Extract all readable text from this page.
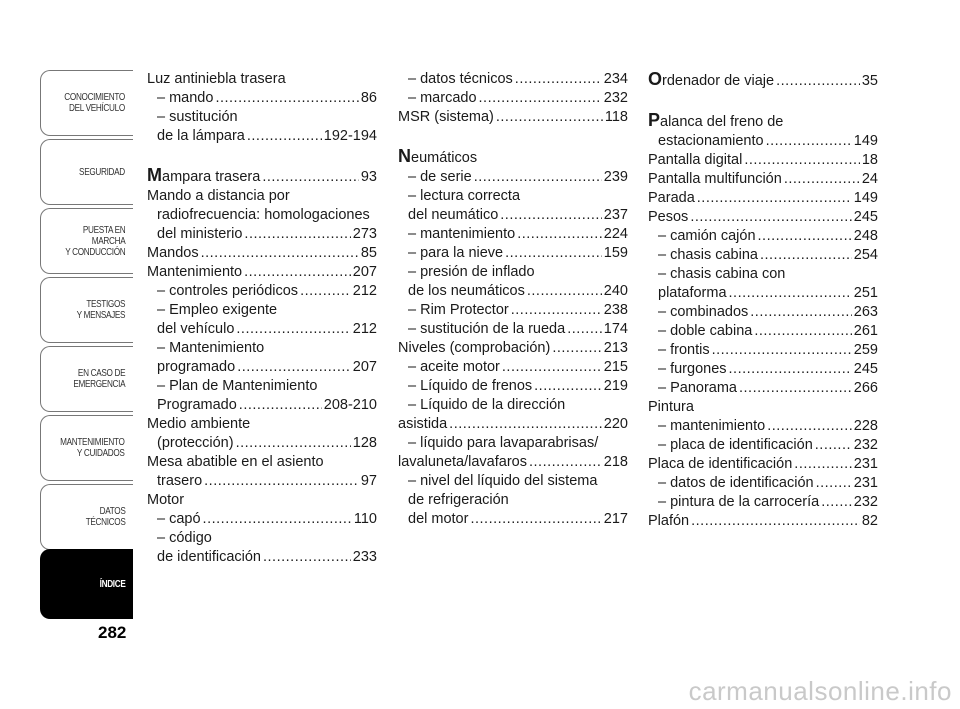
CONOCIMIENTO
DEL VEHÍCULO
SEGURIDAD
PUESTA EN
MARCHA
Y CONDUCCIÓN
TESTIGOS
Y MENSAJES
EN CASO DE
EMERGENCIA
MANTENIMIENTO
Y CUIDADOS
DATOS
TÉCNICOS
ÍNDICE
282
Luz antiniebla trasera
– mando .....	86
– sustitución
de la lámpara .....	192-194
Mampara trasera .....	93
Mando a distancia por
radiofrecuencia: homologaciones
del ministerio .....	273
Mandos .....	85
Mantenimiento .....	207
– controles periódicos .....	212
– Empleo exigente
del vehículo .....	212
– Mantenimiento
programado .....	207
– Plan de Mantenimiento
Programado .....	208-210
Medio ambiente
(protección) .....	128
Mesa abatible en el asiento
trasero .....	97
Motor
– capó .....	110
– código
de identificación .....	233
– datos técnicos .....	234
– marcado .....	232
MSR (sistema) .....	118
Neumáticos
– de serie .....	239
– lectura correcta
del neumático .....	237
– mantenimiento .....	224
– para la nieve .....	159
– presión de inflado
de los neumáticos .....	240
– Rim Protector .....	238
– sustitución de la rueda .....	174
Niveles (comprobación) .....	213
– aceite motor .....	215
– Líquido de frenos .....	219
– Líquido de la dirección
asistida .....	220
– líquido para lavaparabrisas/
lavaluneta/lavafaros .....	218
– nivel del líquido del sistema
de refrigeración
del motor .....	217
Ordenador de viaje .....	35
Palanca del freno de
estacionamiento .....	149
Pantalla digital .....	18
Pantalla multifunción .....	24
Parada .....	149
Pesos .....	245
– camión cajón .....	248
– chasis cabina .....	254
– chasis cabina con
plataforma .....	251
– combinados .....	263
– doble cabina .....	261
– frontis .....	259
– furgones .....	245
– Panorama .....	266
Pintura
– mantenimiento .....	228
– placa de identificación .....	232
Placa de identificación .....	231
– datos de identificación .....	231
– pintura de la carrocería ..... 232
Plafón .....	82
carmanualsonline.info
